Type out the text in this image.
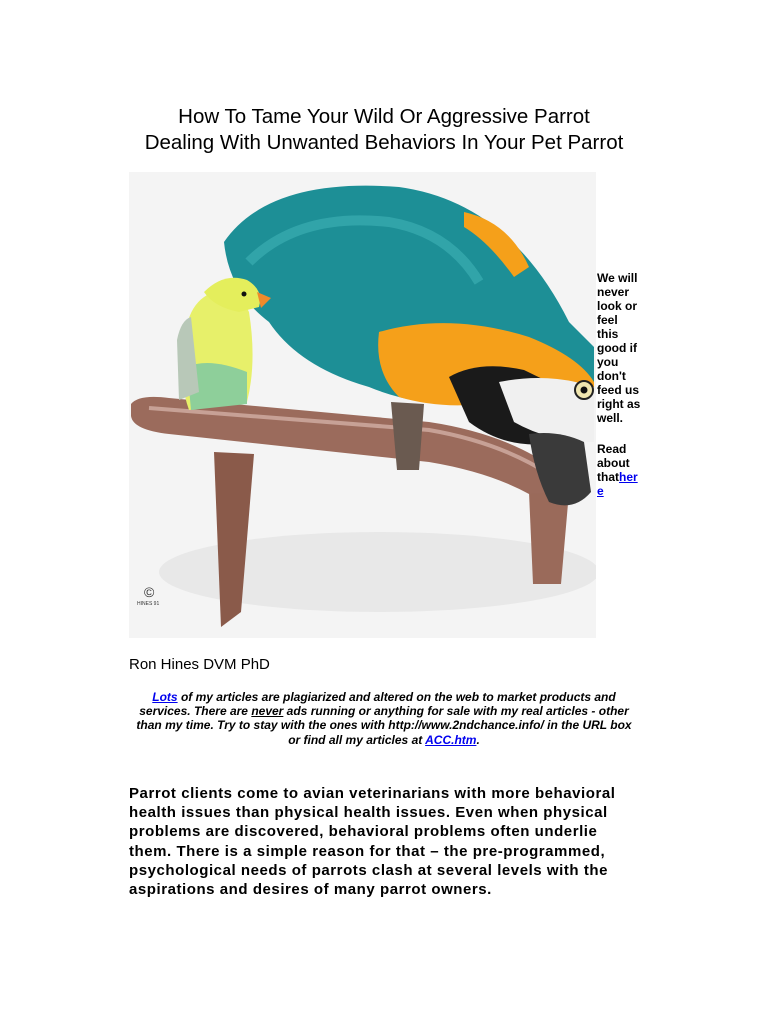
How To Tame Your Wild Or Aggressive Parrot
Dealing With Unwanted Behaviors In Your Pet Parrot
©
HINES 91

We will never look or feel this good if you don't feed us right as well.

Read about thathere

Ron Hines DVM PhD

Lots of my articles are plagiarized and altered on the web to market products and services. There are never ads running or anything for sale with my real articles - other than my time. Try to stay with the ones with http://www.2ndchance.info/ in the URL box or find all my articles at ACC.htm.

Parrot clients come to avian veterinarians with more behavioral health issues than physical health issues. Even when physical problems are discovered, behavioral problems often underlie them. There is a simple reason for that – the pre-programmed, psychological needs of parrots clash at several levels with the aspirations and desires of many parrot owners.
